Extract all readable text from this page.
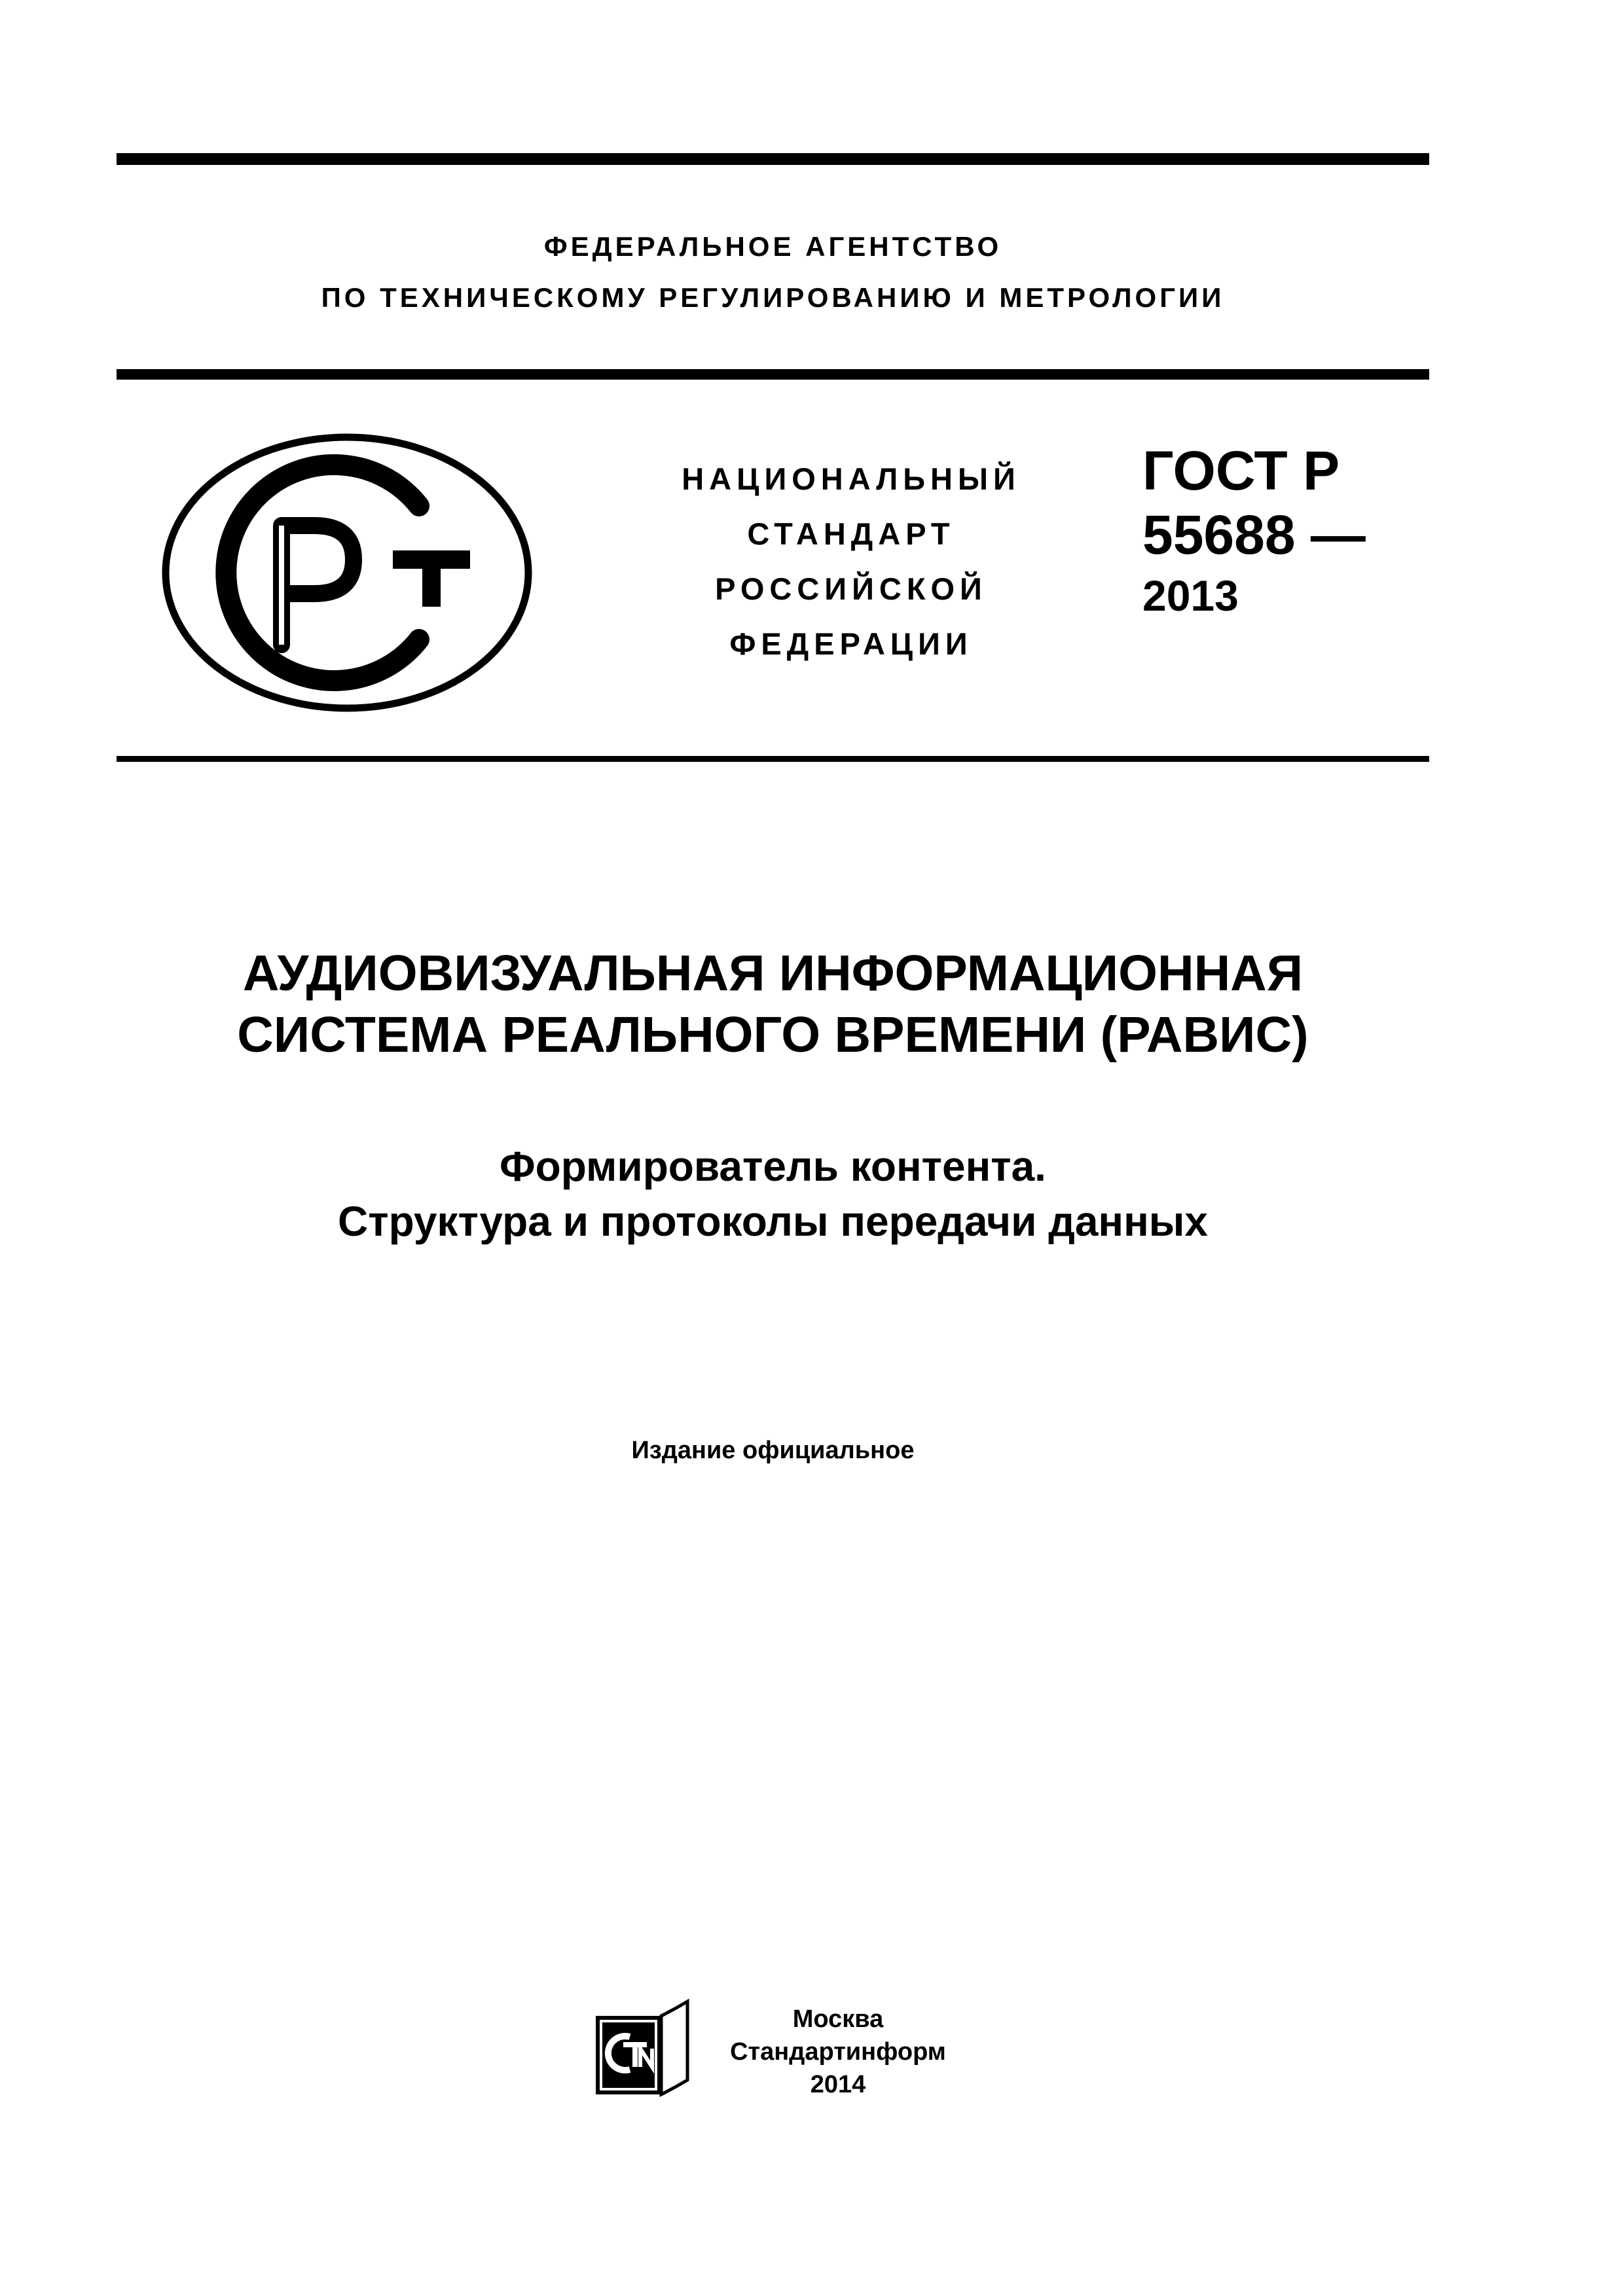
ФЕДЕРАЛЬНОЕ АГЕНТСТВО
ПО ТЕХНИЧЕСКОМУ РЕГУЛИРОВАНИЮ И МЕТРОЛОГИИ
НАЦИОНАЛЬНЫЙ
СТАНДАРТ
РОССИЙСКОЙ
ФЕДЕРАЦИИ
ГОСТ Р
55688 —
2013
АУДИОВИЗУАЛЬНАЯ ИНФОРМАЦИОННАЯ
СИСТЕМА РЕАЛЬНОГО ВРЕМЕНИ (РАВИС)
Формирователь контента.
Структура и протоколы передачи данных
Издание официальное
Москва
Стандартинформ
2014
